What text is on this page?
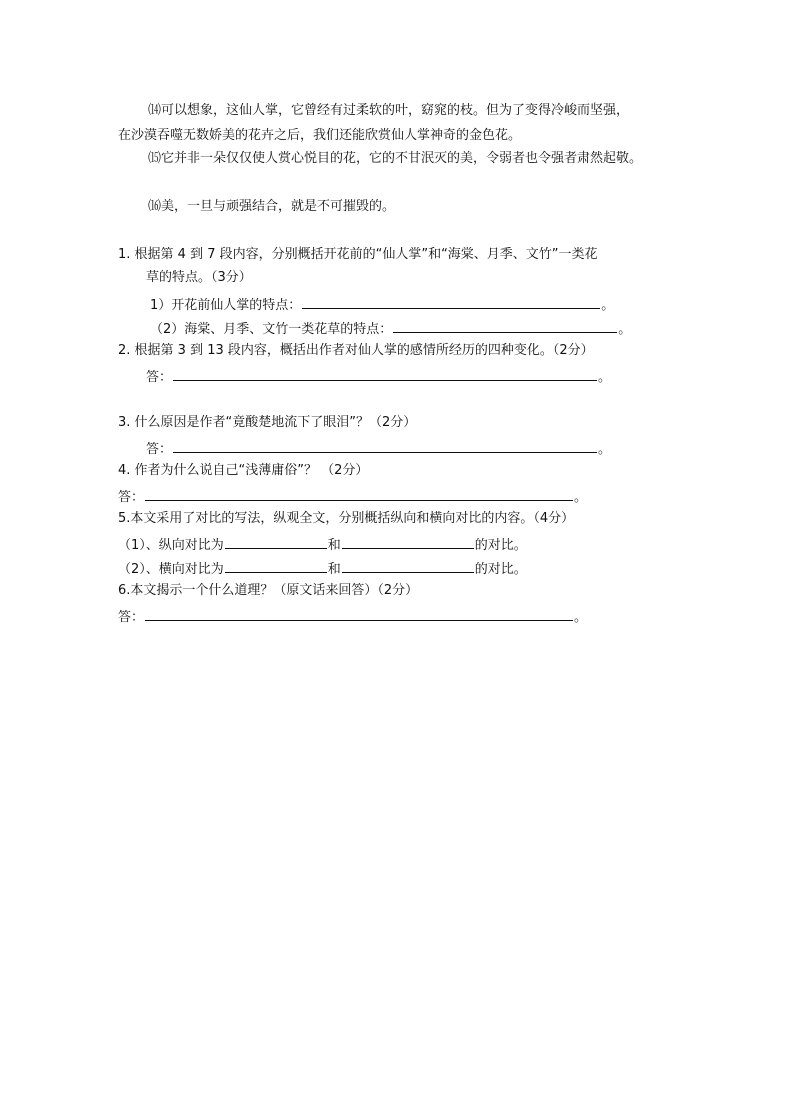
⒁可以想象，这仙人掌，它曾经有过柔软的叶，窈窕的枝。但为了变得冷峻而坚强，
在沙漠吞噬无数娇美的花卉之后，我们还能欣赏仙人掌神奇的金色花。
⒂它并非一朵仅仅使人赏心悦目的花，它的不甘泯灭的美，令弱者也令强者肃然起敬。
⒃美，一旦与顽强结合，就是不可摧毁的。
1. 根据第 4 到 7 段内容，分别概括开花前的“仙人掌”和“海棠、月季、文竹”一类花
草的特点。（3分）
1）开花前仙人掌的特点：	。
（2）海棠、月季、文竹一类花草的特点：	。
2. 根据第 3 到 13 段内容，概括出作者对仙人掌的感情所经历的四种变化。（2分）
答：	。
3. 什么原因是作者“竟酸楚地流下了眼泪”？（2分）
答：	。
4. 作者为什么说自己“浅薄庸俗”？ （2分）
答：	。
5.本文采用了对比的写法，纵观全文，分别概括纵向和横向对比的内容。（4分）
（1）、纵向对比为	和	的对比。
（2）、横向对比为	和	的对比。
6.本文揭示一个什么道理？（原文话来回答）（2分）
答：	。
